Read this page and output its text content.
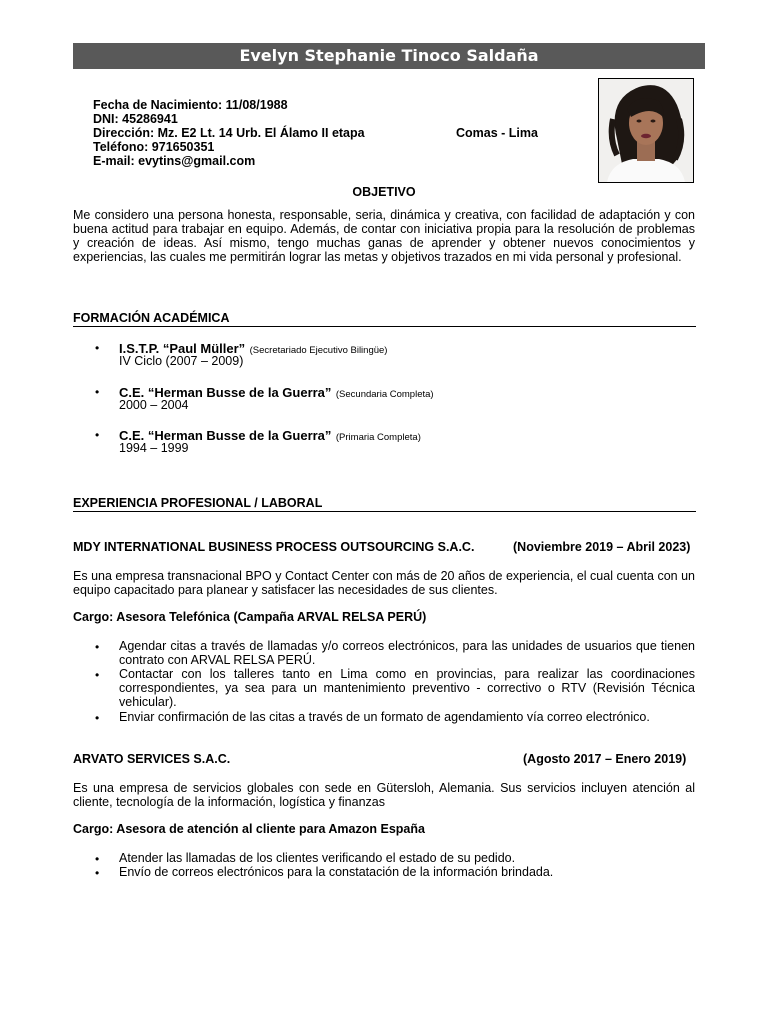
Evelyn Stephanie Tinoco Saldaña
Fecha de Nacimiento: 11/08/1988
DNI: 45286941
Dirección: Mz. E2 Lt. 14 Urb. El Álamo II etapa	Comas - Lima
Teléfono: 971650351
E-mail: evytins@gmail.com
OBJETIVO
Me considero una persona honesta, responsable, seria, dinámica y creativa, con facilidad de adaptación y con buena actitud para trabajar en equipo. Además, de contar con iniciativa propia para la resolución de problemas y creación de ideas. Así mismo, tengo muchas ganas de aprender y obtener nuevos conocimientos y experiencias, las cuales me permitirán lograr las metas y objetivos trazados en mi vida personal y profesional.
FORMACIÓN ACADÉMICA
• I.S.T.P. “Paul Müller” (Secretariado Ejecutivo Bilingüe)
IV Ciclo (2007 – 2009)
• C.E. “Herman Busse de la Guerra” (Secundaria Completa)
2000 – 2004
• C.E. “Herman Busse de la Guerra” (Primaria Completa)
1994 – 1999
EXPERIENCIA PROFESIONAL / LABORAL
MDY INTERNATIONAL BUSINESS PROCESS OUTSOURCING S.A.C.	(Noviembre 2019 – Abril 2023)
Es una empresa transnacional BPO y Contact Center con más de 20 años de experiencia, el cual cuenta con un equipo capacitado para planear y satisfacer las necesidades de sus clientes.
Cargo: Asesora Telefónica (Campaña ARVAL RELSA PERÚ)
• Agendar citas a través de llamadas y/o correos electrónicos, para las unidades de usuarios que tienen contrato con ARVAL RELSA PERÚ.
• Contactar con los talleres tanto en Lima como en provincias, para realizar las coordinaciones correspondientes, ya sea para un mantenimiento preventivo - correctivo o RTV (Revisión Técnica vehicular).
• Enviar confirmación de las citas a través de un formato de agendamiento vía correo electrónico.
ARVATO SERVICES S.A.C.	(Agosto 2017 – Enero 2019)
Es una empresa de servicios globales con sede en Gütersloh, Alemania. Sus servicios incluyen atención al cliente, tecnología de la información, logística y finanzas
Cargo: Asesora de atención al cliente para Amazon España
• Atender las llamadas de los clientes verificando el estado de su pedido.
• Envío de correos electrónicos para la constatación de la información brindada.
